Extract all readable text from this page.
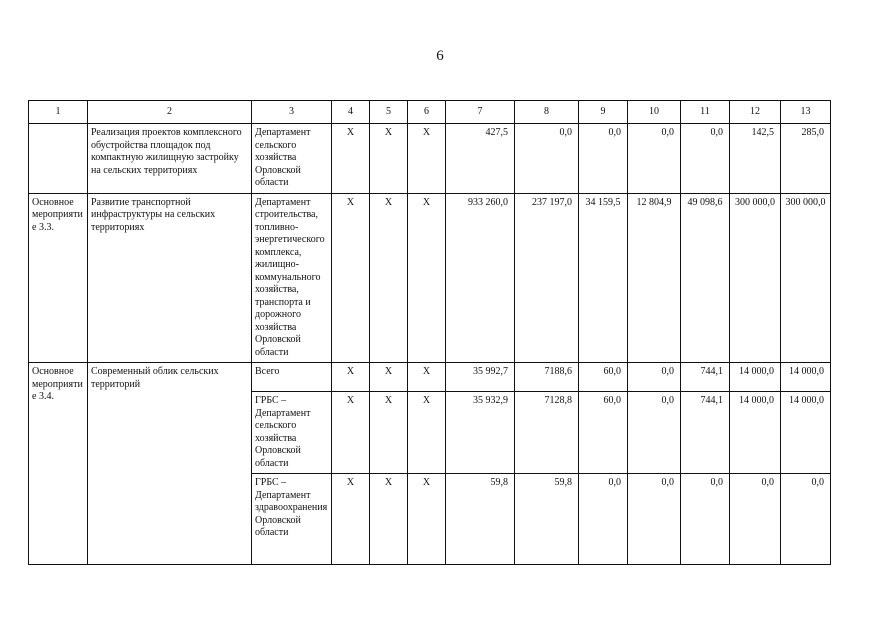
6
1	2	3	4	5	6	7	8	9	10	11	12	13
	Реализация проектов комплексного обустройства площадок под компактную жилищную застройку на сельских территориях	Департамент сельского хозяйства Орловской области	Х	Х	Х	427,5	0,0	0,0	0,0	0,0	142,5	285,0
Основное мероприятие 3.3.	Развитие транспортной инфраструктуры на сельских территориях	Департамент строительства, топливно-энергетического комплекса, жилищно-коммунального хозяйства, транспорта и дорожного хозяйства Орловской области	Х	Х	Х	933 260,0	237 197,0	34 159,5	12 804,9	49 098,6	300 000,0	300 000,0
Основное мероприятие 3.4.	Современный облик сельских территорий	Всего	Х	Х	Х	35 992,7	7188,6	60,0	0,0	744,1	14 000,0	14 000,0
		ГРБС – Департамент сельского хозяйства Орловской области	Х	Х	Х	35 932,9	7128,8	60,0	0,0	744,1	14 000,0	14 000,0
		ГРБС – Департамент здравоохранения Орловской области	Х	Х	Х	59,8	59,8	0,0	0,0	0,0	0,0	0,0
